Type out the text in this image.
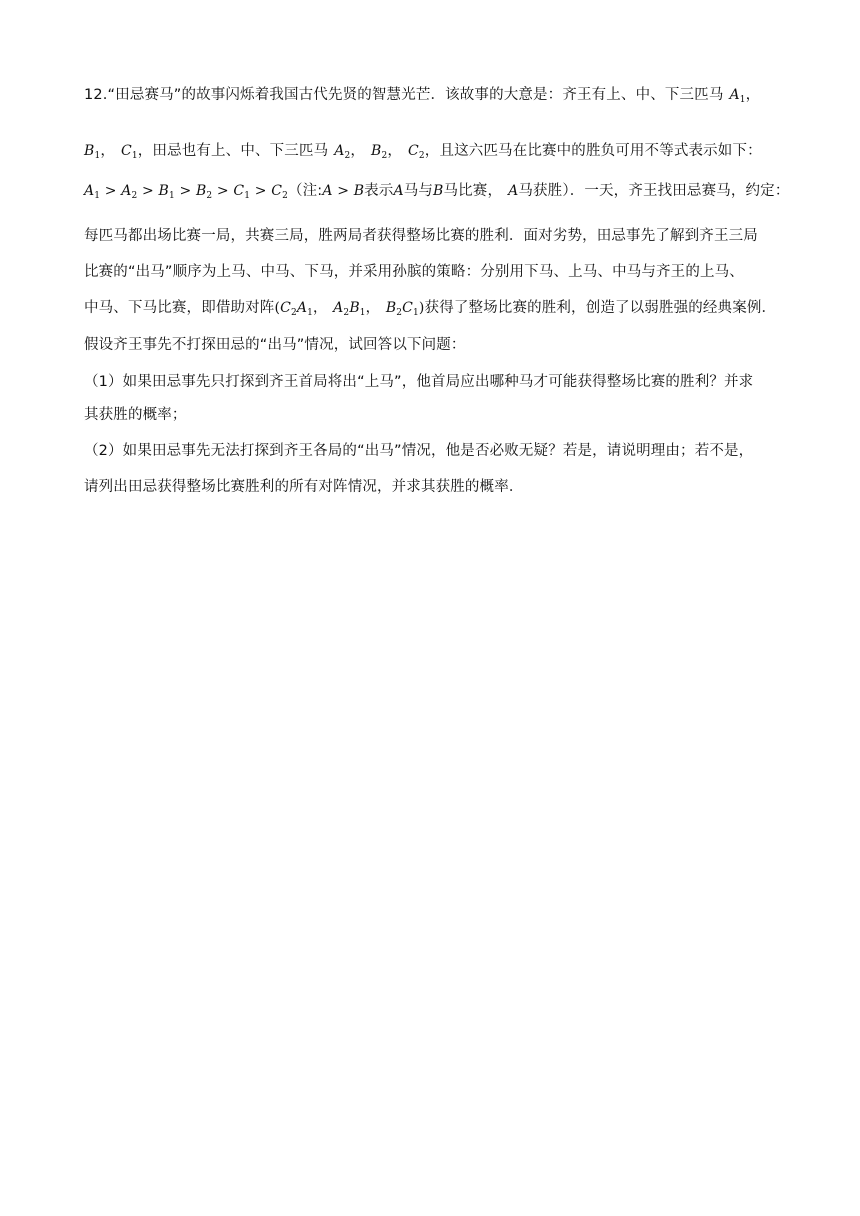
12.“田忌赛马”的故事闪烁着我国古代先贤的智慧光芒．该故事的大意是：齐王有上、中、下三匹马 $A_1$，
$B_1$， $C_1$，田忌也有上、中、下三匹马 $A_2$， $B_2$， $C_2$，且这六匹马在比赛中的胜负可用不等式表示如下：
$A_1 > A_2 > B_1 > B_2 > C_1 > C_2$（注:A > B表示A马与B马比赛， A马获胜）．一天，齐王找田忌赛马，约定：
每匹马都出场比赛一局，共赛三局，胜两局者获得整场比赛的胜利．面对劣势，田忌事先了解到齐王三局
比赛的“出马”顺序为上马、中马、下马，并采用孙膑的策略：分别用下马、上马、中马与齐王的上马、
中马、下马比赛，即借助对阵($C_2A_1$， $A_2B_1$， $B_2C_1$)获得了整场比赛的胜利，创造了以弱胜强的经典案例．
假设齐王事先不打探田忌的“出马”情况，试回答以下问题：
（1）如果田忌事先只打探到齐王首局将出“上马”，他首局应出哪种马才可能获得整场比赛的胜利？并求
其获胜的概率；
（2）如果田忌事先无法打探到齐王各局的“出马”情况，他是否必败无疑？若是，请说明理由；若不是，
请列出田忌获得整场比赛胜利的所有对阵情况，并求其获胜的概率．
